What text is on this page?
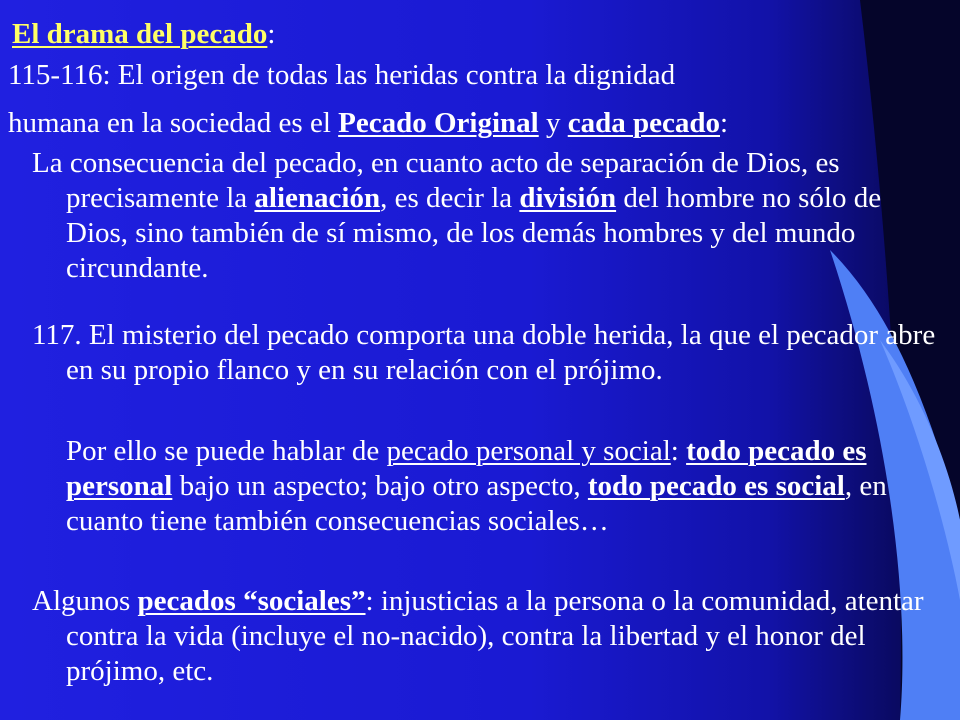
El drama del pecado:
115-116: El origen de todas las heridas contra la dignidad
humana en la sociedad es el Pecado Original y cada pecado:
La consecuencia del pecado, en cuanto acto de separación de Dios, es precisamente la alienación, es decir la división del hombre no sólo de Dios, sino también de sí mismo, de los demás hombres y del mundo circundante.
117. El misterio del pecado comporta una doble herida, la que el pecador abre en su propio flanco y en su relación con el prójimo.
Por ello se puede hablar de pecado personal y social: todo pecado es personal bajo un aspecto; bajo otro aspecto, todo pecado es social, en cuanto tiene también consecuencias sociales…
Algunos pecados “sociales”: injusticias a la persona o la comunidad, atentar contra la vida (incluye el no-nacido), contra la libertad y el honor del prójimo, etc.
